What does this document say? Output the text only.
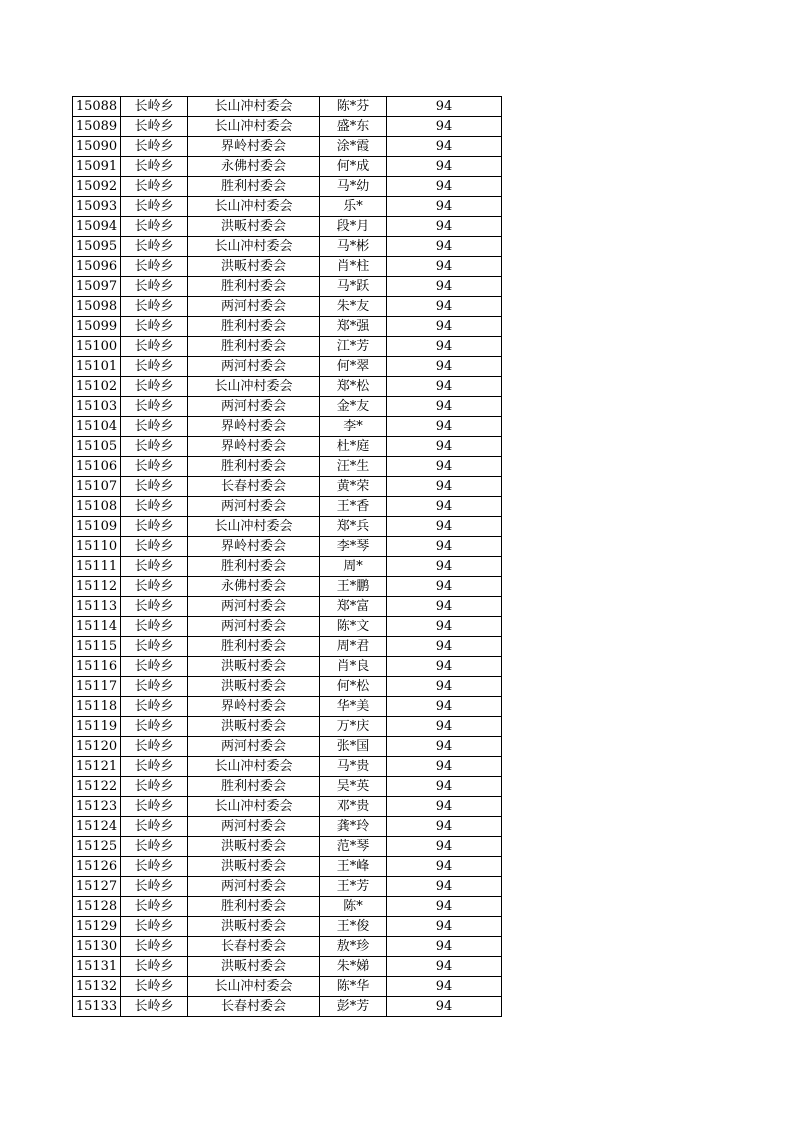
15088	长岭乡	长山冲村委会	陈*芬	94
15089	长岭乡	长山冲村委会	盛*东	94
15090	长岭乡	界岭村委会	涂*霞	94
15091	长岭乡	永佛村委会	何*成	94
15092	长岭乡	胜利村委会	马*幼	94
15093	长岭乡	长山冲村委会	乐*	94
15094	长岭乡	洪畈村委会	段*月	94
15095	长岭乡	长山冲村委会	马*彬	94
15096	长岭乡	洪畈村委会	肖*柱	94
15097	长岭乡	胜利村委会	马*跃	94
15098	长岭乡	两河村委会	朱*友	94
15099	长岭乡	胜利村委会	郑*强	94
15100	长岭乡	胜利村委会	江*芳	94
15101	长岭乡	两河村委会	何*翠	94
15102	长岭乡	长山冲村委会	郑*松	94
15103	长岭乡	两河村委会	金*友	94
15104	长岭乡	界岭村委会	李*	94
15105	长岭乡	界岭村委会	杜*庭	94
15106	长岭乡	胜利村委会	汪*生	94
15107	长岭乡	长春村委会	黄*荣	94
15108	长岭乡	两河村委会	王*香	94
15109	长岭乡	长山冲村委会	郑*兵	94
15110	长岭乡	界岭村委会	李*琴	94
15111	长岭乡	胜利村委会	周*	94
15112	长岭乡	永佛村委会	王*鹏	94
15113	长岭乡	两河村委会	郑*富	94
15114	长岭乡	两河村委会	陈*文	94
15115	长岭乡	胜利村委会	周*君	94
15116	长岭乡	洪畈村委会	肖*良	94
15117	长岭乡	洪畈村委会	何*松	94
15118	长岭乡	界岭村委会	华*美	94
15119	长岭乡	洪畈村委会	万*庆	94
15120	长岭乡	两河村委会	张*国	94
15121	长岭乡	长山冲村委会	马*贵	94
15122	长岭乡	胜利村委会	吴*英	94
15123	长岭乡	长山冲村委会	邓*贵	94
15124	长岭乡	两河村委会	龚*玲	94
15125	长岭乡	洪畈村委会	范*琴	94
15126	长岭乡	洪畈村委会	王*峰	94
15127	长岭乡	两河村委会	王*芳	94
15128	长岭乡	胜利村委会	陈*	94
15129	长岭乡	洪畈村委会	王*俊	94
15130	长岭乡	长春村委会	敖*珍	94
15131	长岭乡	洪畈村委会	朱*娣	94
15132	长岭乡	长山冲村委会	陈*华	94
15133	长岭乡	长春村委会	彭*芳	94
